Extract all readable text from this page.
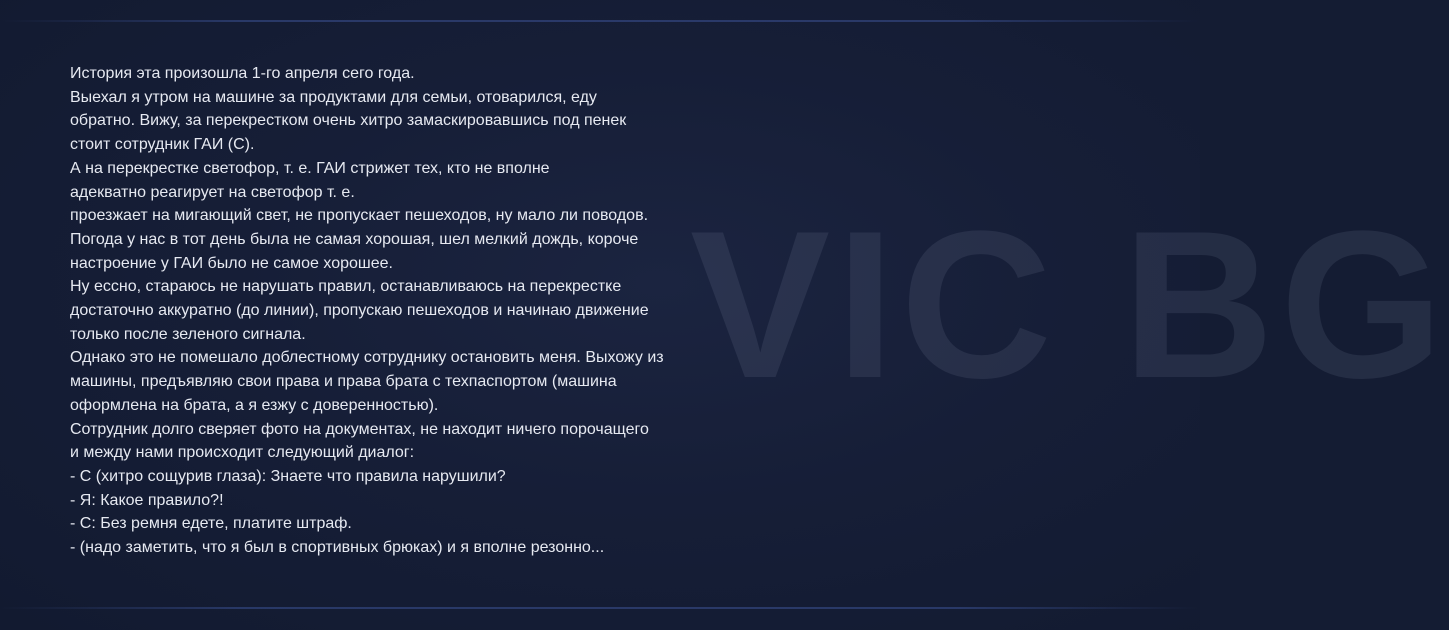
VIC BG
История эта произошла 1-го апреля сего года.
Выехал я утром на машине за продуктами для семьи, отоварился, еду
обратно. Вижу, за перекрестком очень хитро замаскировавшись под пенек
стоит сотрудник ГАИ (С).
А на перекрестке светофор, т. е. ГАИ стрижет тех, кто не вполне
адекватно реагирует на светофор т. е.
проезжает на мигающий свет, не пропускает пешеходов, ну мало ли поводов.
Погода у нас в тот день была не самая хорошая, шел мелкий дождь, короче
настроение у ГАИ было не самое хорошее.
Ну ессно, стараюсь не нарушать правил, останавливаюсь на перекрестке
достаточно аккуратно (до линии), пропускаю пешеходов и начинаю движение
только после зеленого сигнала.
Однако это не помешало доблестному сотруднику остановить меня. Выхожу из
машины, предъявляю свои права и права брата с техпаспортом (машина
оформлена на брата, а я езжу с доверенностью).
Сотрудник долго сверяет фото на документах, не находит ничего порочащего
и между нами происходит следующий диалог:
- С (хитро сощурив глаза): Знаете что правила нарушили?
- Я: Какое правило?!
- С: Без ремня едете, платите штраф.
- (надо заметить, что я был в спортивных брюках) и я вполне резонно...
